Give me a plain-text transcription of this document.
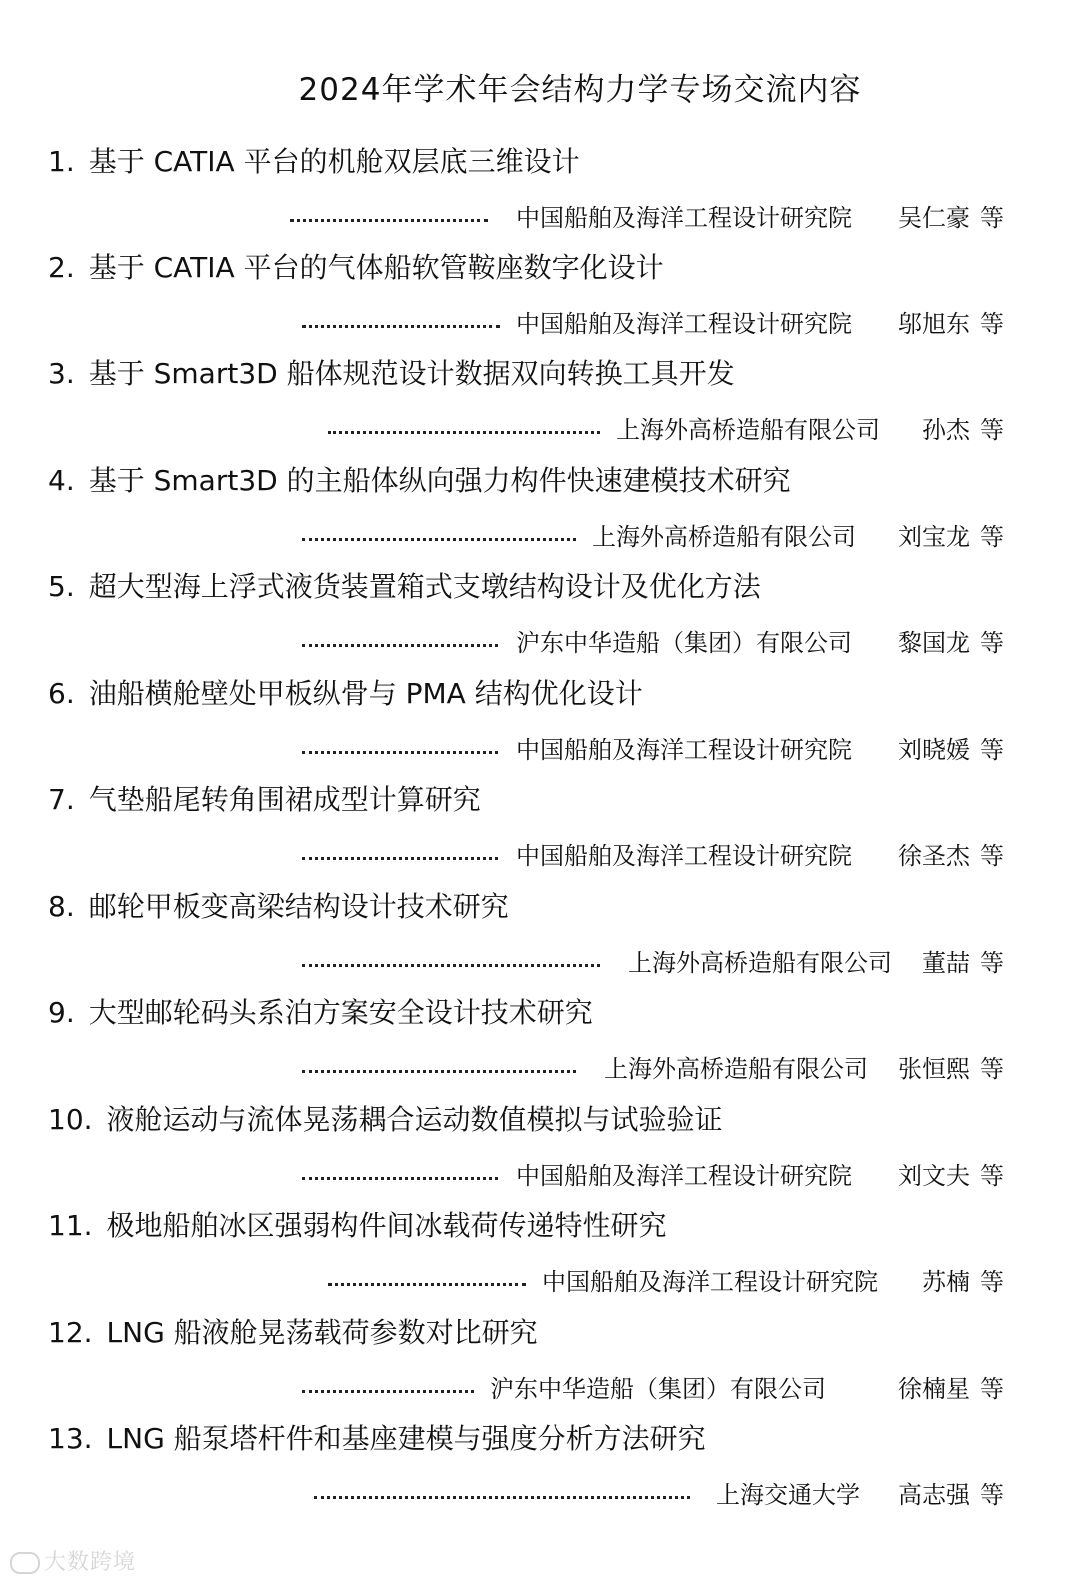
2024年学术年会结构力学专场交流内容
1. 基于 CATIA 平台的机舱双层底三维设计
中国船舶及海洋工程设计研究院 吴仁豪 等
2. 基于 CATIA 平台的气体船软管鞍座数字化设计
中国船舶及海洋工程设计研究院 邬旭东 等
3. 基于 Smart3D 船体规范设计数据双向转换工具开发
上海外高桥造船有限公司 孙杰 等
4. 基于 Smart3D 的主船体纵向强力构件快速建模技术研究
上海外高桥造船有限公司 刘宝龙 等
5. 超大型海上浮式液货装置箱式支墩结构设计及优化方法
沪东中华造船（集团）有限公司 黎国龙 等
6. 油船横舱壁处甲板纵骨与 PMA 结构优化设计
中国船舶及海洋工程设计研究院 刘晓媛 等
7. 气垫船尾转角围裙成型计算研究
中国船舶及海洋工程设计研究院 徐圣杰 等
8. 邮轮甲板变高梁结构设计技术研究
上海外高桥造船有限公司 董喆 等
9. 大型邮轮码头系泊方案安全设计技术研究
上海外高桥造船有限公司 张恒熙 等
10. 液舱运动与流体晃荡耦合运动数值模拟与试验验证
中国船舶及海洋工程设计研究院 刘文夫 等
11. 极地船舶冰区强弱构件间冰载荷传递特性研究
中国船舶及海洋工程设计研究院 苏楠 等
12. LNG 船液舱晃荡载荷参数对比研究
沪东中华造船（集团）有限公司	徐楠星 等
13. LNG 船泵塔杆件和基座建模与强度分析方法研究
上海交通大学 高志强 等
大数跨境
